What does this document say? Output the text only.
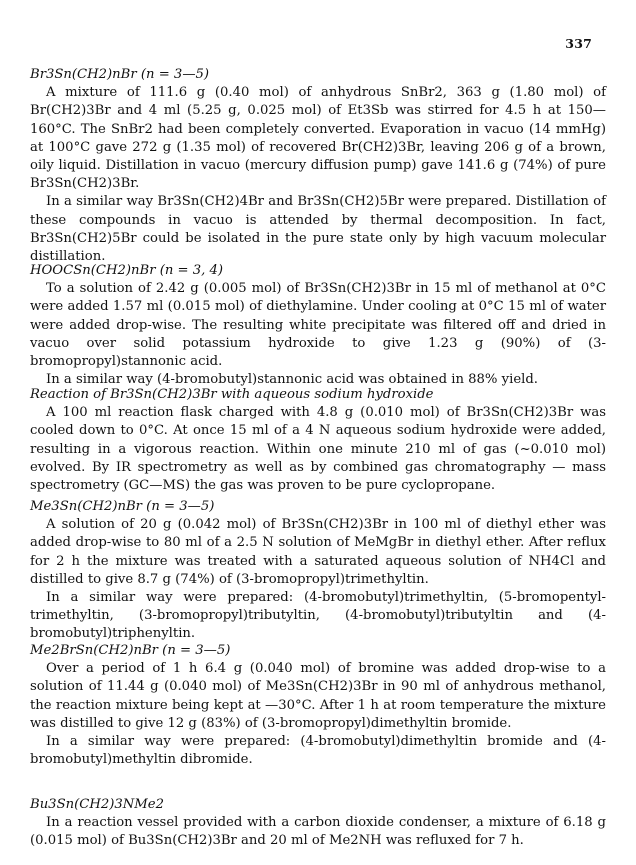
337

Br3Sn(CH2)nBr (n = 3—5)

A mixture of 111.6 g (0.40 mol) of anhydrous SnBr2, 363 g (1.80 mol) of Br(CH2)3Br and 4 ml (5.25 g, 0.025 mol) of Et3Sb was stirred for 4.5 h at 150—160°C. The SnBr2 had been completely converted. Evaporation in vacuo (14 mmHg) at 100°C gave 272 g (1.35 mol) of recovered Br(CH2)3Br, leaving 206 g of a brown, oily liquid. Distillation in vacuo (mercury diffusion pump) gave 141.6 g (74%) of pure Br3Sn(CH2)3Br.

In a similar way Br3Sn(CH2)4Br and Br3Sn(CH2)5Br were prepared. Distillation of these compounds in vacuo is attended by thermal decomposition. In fact, Br3Sn(CH2)5Br could be isolated in the pure state only by high vacuum molecular distillation.

HOOCSn(CH2)nBr (n = 3, 4)

To a solution of 2.42 g (0.005 mol) of Br3Sn(CH2)3Br in 15 ml of methanol at 0°C were added 1.57 ml (0.015 mol) of diethylamine. Under cooling at 0°C 15 ml of water were added drop-wise. The resulting white precipitate was filtered off and dried in vacuo over solid potassium hydroxide to give 1.23 g (90%) of (3-bromopropyl)stannonic acid.

In a similar way (4-bromobutyl)stannonic acid was obtained in 88% yield.

Reaction of Br3Sn(CH2)3Br with aqueous sodium hydroxide

A 100 ml reaction flask charged with 4.8 g (0.010 mol) of Br3Sn(CH2)3Br was cooled down to 0°C. At once 15 ml of a 4 N aqueous sodium hydroxide were added, resulting in a vigorous reaction. Within one minute 210 ml of gas (~0.010 mol) evolved. By IR spectrometry as well as by combined gas chromatography — mass spectrometry (GC—MS) the gas was proven to be pure cyclopropane.

Me3Sn(CH2)nBr (n = 3—5)

A solution of 20 g (0.042 mol) of Br3Sn(CH2)3Br in 100 ml of diethyl ether was added drop-wise to 80 ml of a 2.5 N solution of MeMgBr in diethyl ether. After reflux for 2 h the mixture was treated with a saturated aqueous solution of NH4Cl and distilled to give 8.7 g (74%) of (3-bromopropyl)trimethyltin.

In a similar way were prepared: (4-bromobutyl)trimethyltin, (5-bromopentyl-trimethyltin, (3-bromopropyl)tributyltin, (4-bromobutyl)tributyltin and (4-bromobutyl)triphenyltin.

Me2BrSn(CH2)nBr (n = 3—5)

Over a period of 1 h 6.4 g (0.040 mol) of bromine was added drop-wise to a solution of 11.44 g (0.040 mol) of Me3Sn(CH2)3Br in 90 ml of anhydrous methanol, the reaction mixture being kept at —30°C. After 1 h at room temperature the mixture was distilled to give 12 g (83%) of (3-bromopropyl)dimethyltin bromide.

In a similar way were prepared: (4-bromobutyl)dimethyltin bromide and (4-bromobutyl)methyltin dibromide.

Bu3Sn(CH2)3NMe2

In a reaction vessel provided with a carbon dioxide condenser, a mixture of 6.18 g (0.015 mol) of Bu3Sn(CH2)3Br and 20 ml of Me2NH was refluxed for 7 h.
